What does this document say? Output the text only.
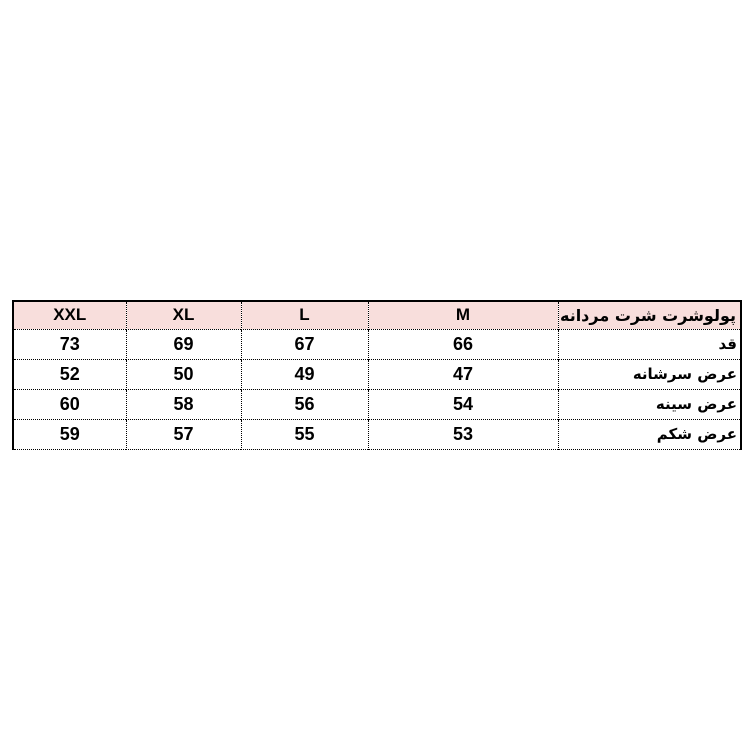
پولوشرت شرت مردانه	M	L	XL	XXL
قد	66	67	69	73
عرض سرشانه	47	49	50	52
عرض سینه	54	56	58	60
عرض شکم	53	55	57	59
